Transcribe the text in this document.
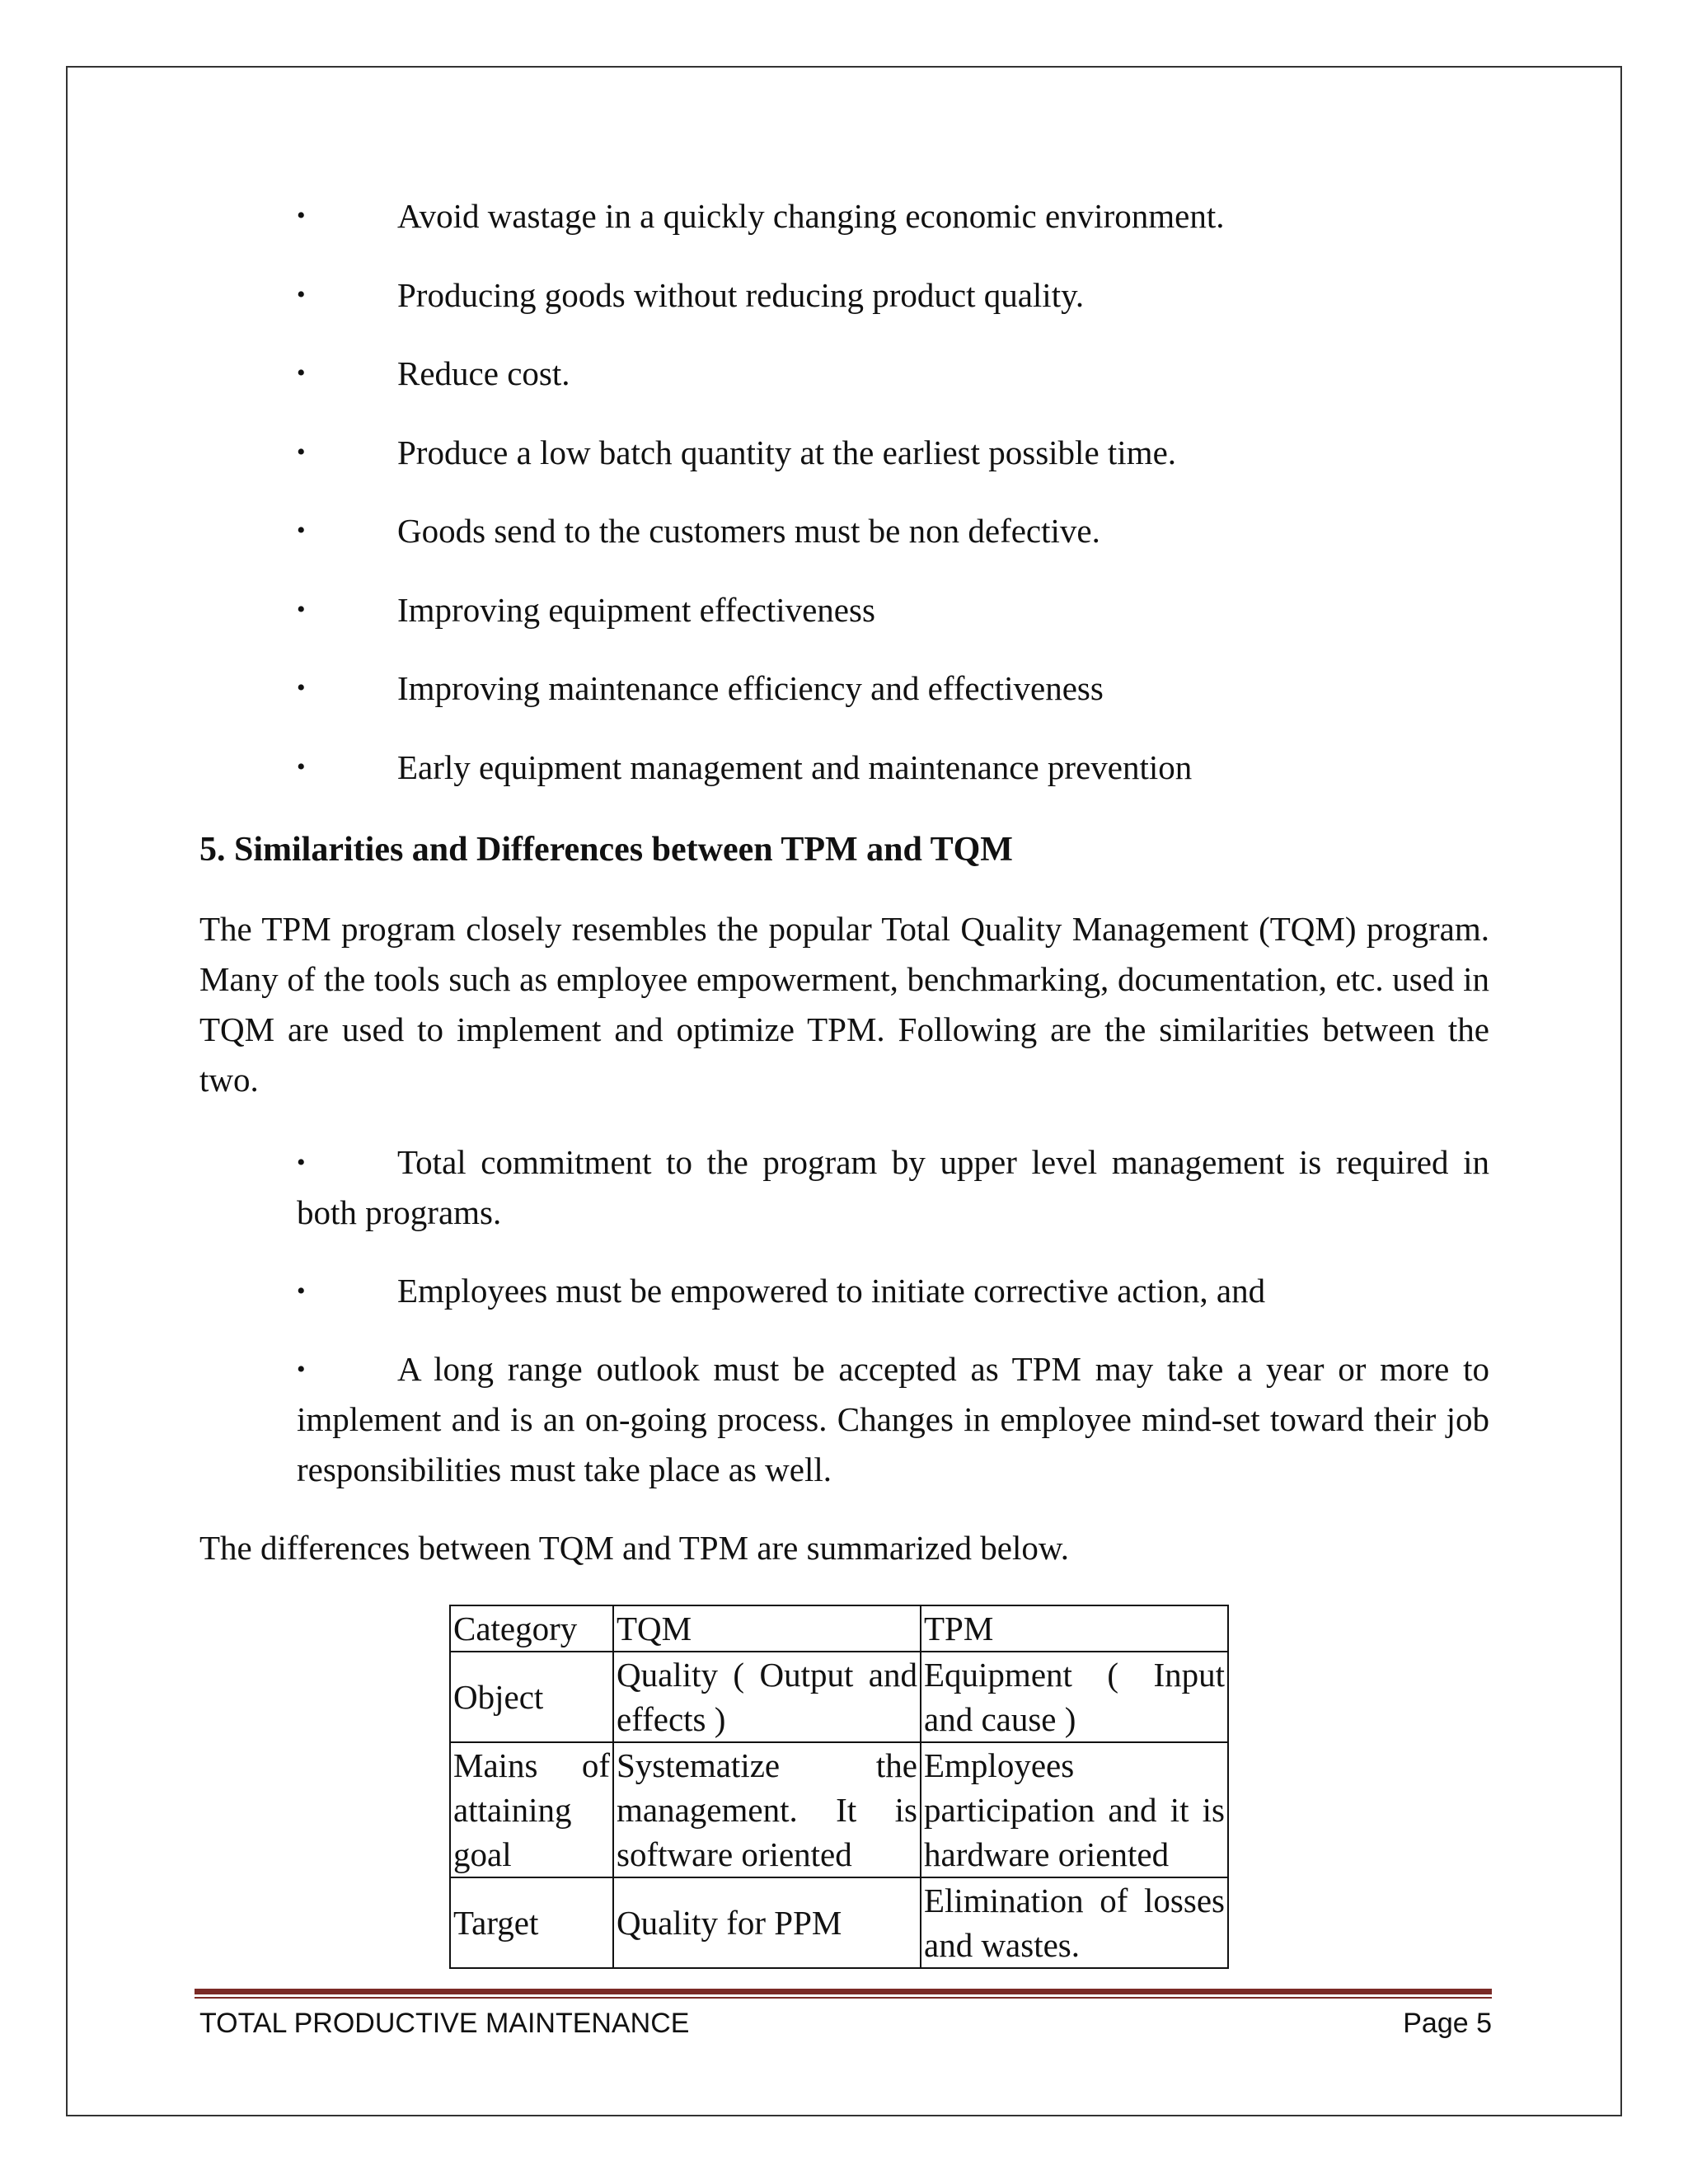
•	Avoid wastage in a quickly changing economic environment.
•	Producing goods without reducing product quality.
•	Reduce cost.
•	Produce a low batch quantity at the earliest possible time.
•	Goods send to the customers must be non defective.
•	Improving equipment effectiveness
•	Improving maintenance efficiency and effectiveness
•	Early equipment management and maintenance prevention
5. Similarities and Differences between TPM and TQM

The TPM program closely resembles the popular Total Quality Management (TQM) program. Many of the tools such as employee empowerment, benchmarking, documentation, etc. used in TQM are used to implement and optimize TPM. Following are the similarities between the two.

•	Total commitment to the program by upper level management is required in both programs.
•	Employees must be empowered to initiate corrective action, and
•	A long range outlook must be accepted as TPM may take a year or more to implement and is an on-going process. Changes in employee mind-set toward their job responsibilities must take place as well.

The differences between TQM and TPM are summarized below.

Category	TQM	TPM
Object	Quality ( Output and effects )	Equipment ( Input and cause )
Mains of attaining goal	Systematize the management. It is software oriented	Employees participation and it is hardware oriented
Target	Quality for PPM	Elimination of losses and wastes.
TOTAL PRODUCTIVE MAINTENANCE	Page 5
